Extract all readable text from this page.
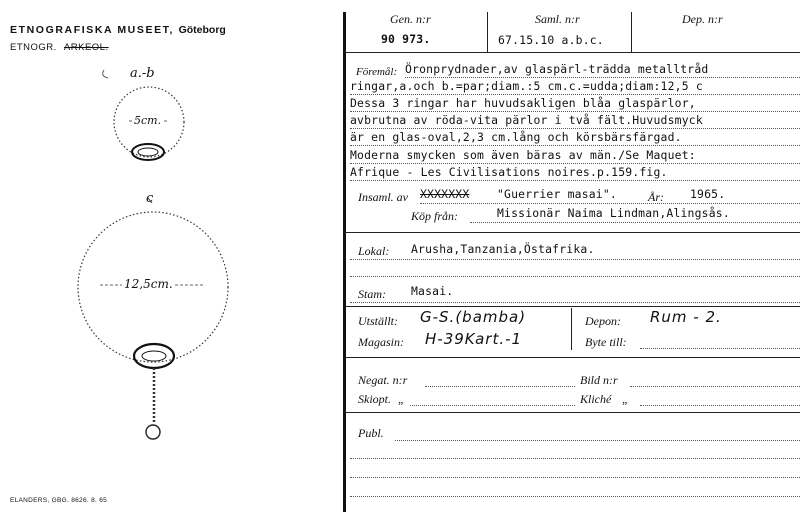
ETNOGRAFISKA MUSEET, Göteborg
ETNOGR. ARKEOL.
a.-b
5cm.
c
12,5cm.
ELANDERS, GBG. 8626. 8. 65
Gen. n:r
90 973.
Saml. n:r
67.15.10 a.b.c.
Dep. n:r
Föremål: Öronprydnader,av glaspärl-trädda metalltråd
ringar,a.och b.=par;diam.:5 cm.c.=udda;diam:12,5 c
Dessa 3 ringar har huvudsakligen blåa glaspärlor,
avbrutna av röda-vita pärlor i två fält.Huvudsmyck
är en glas-oval,2,3 cm.lång och körsbärsfärgad.
Moderna smycken som även bäras av män./Se Maquet:
Afrique - Les Civilisations noires.p.159.fig.
Insaml. av XXXXXXX "Guerrier masai".	År: 1965.
Köp från:	Missionär Naima Lindman,Alingsås.
Lokal: Arusha,Tanzania,Östafrika.
Stam: Masai.
Utställt: G-S.(bamba)
Magasin: H-39Kart.-1
Depon: Rum - 2.
Byte till:
Negat. n:r	Bild n:r
Skiopt. „	Kliché „
Publ.
